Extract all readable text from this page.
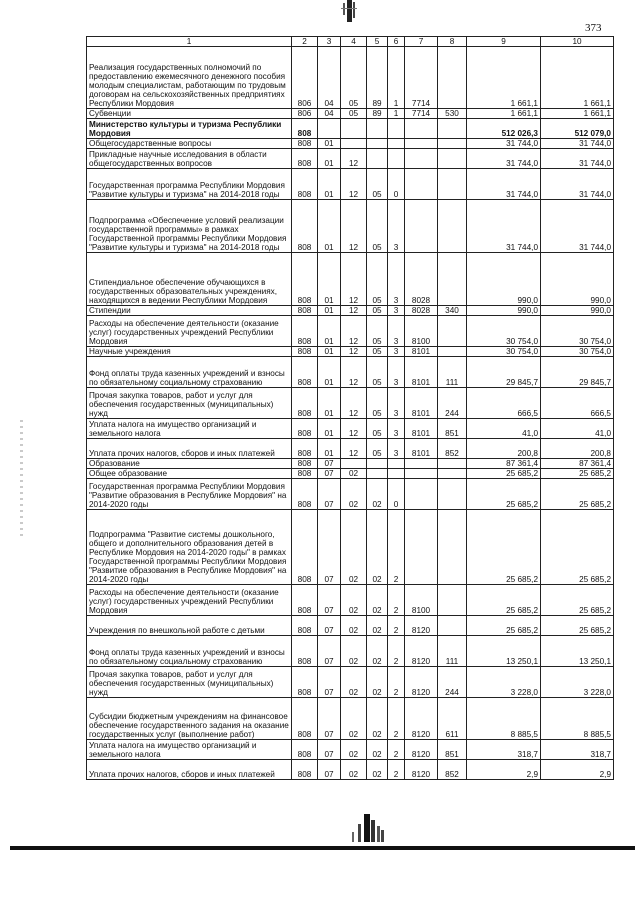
373
1	2	3	4	5	6	7	8	9	10
Реализация государственных полномочий по предоставлению ежемесячного денежного пособия молодым специалистам, работающим по трудовым договорам на сельскохозяйственных предприятиях Республики Мордовия	806	04	05	89	1	7714		1 661,1	1 661,1
Субвенции	806	04	05	89	1	7714	530	1 661,1	1 661,1
Министерство культуры и туризма Республики Мордовия	808							512 026,3	512 079,0
Общегосударственные вопросы	808	01						31 744,0	31 744,0
Прикладные научные исследования в области общегосударственных вопросов	808	01	12					31 744,0	31 744,0
Государственная программа Республики Мордовия "Развитие культуры и туризма" на 2014-2018 годы	808	01	12	05	0			31 744,0	31 744,0
Подпрограмма «Обеспечение условий реализации государственной программы» в рамках Государственной программы Республики Мордовия "Развитие культуры и туризма" на 2014-2018 годы	808	01	12	05	3			31 744,0	31 744,0
Стипендиальное обеспечение обучающихся в государственных образовательных учреждениях, находящихся в ведении Республики Мордовия	808	01	12	05	3	8028		990,0	990,0
Стипендии	808	01	12	05	3	8028	340	990,0	990,0
Расходы на обеспечение деятельности (оказание услуг) государственных учреждений Республики Мордовия	808	01	12	05	3	8100		30 754,0	30 754,0
Научные учреждения	808	01	12	05	3	8101		30 754,0	30 754,0
Фонд оплаты труда казенных учреждений и взносы по обязательному социальному страхованию	808	01	12	05	3	8101	111	29 845,7	29 845,7
Прочая закупка товаров, работ и услуг для обеспечения государственных (муниципальных) нужд	808	01	12	05	3	8101	244	666,5	666,5
Уплата налога на имущество организаций и земельного налога	808	01	12	05	3	8101	851	41,0	41,0
Уплата прочих налогов, сборов и иных платежей	808	01	12	05	3	8101	852	200,8	200,8
Образование	808	07						87 361,4	87 361,4
Общее образование	808	07	02					25 685,2	25 685,2
Государственная программа Республики Мордовия "Развитие образования в Республике Мордовия" на 2014-2020 годы	808	07	02	02	0			25 685,2	25 685,2
Подпрограмма "Развитие системы дошкольного, общего и дополнительного образования детей в Республике Мордовия на 2014-2020 годы" в рамках Государственной программы Республики Мордовия "Развитие образования в Республике Мордовия" на 2014-2020 годы	808	07	02	02	2			25 685,2	25 685,2
Расходы на обеспечение деятельности (оказание услуг) государственных учреждений Республики Мордовия	808	07	02	02	2	8100		25 685,2	25 685,2
Учреждения по внешкольной работе с детьми	808	07	02	02	2	8120		25 685,2	25 685,2
Фонд оплаты труда казенных учреждений и взносы по обязательному социальному страхованию	808	07	02	02	2	8120	111	13 250,1	13 250,1
Прочая закупка товаров, работ и услуг для обеспечения государственных (муниципальных) нужд	808	07	02	02	2	8120	244	3 228,0	3 228,0
Субсидии бюджетным учреждениям на финансовое обеспечение государственного задания на оказание государственных услуг (выполнение работ)	808	07	02	02	2	8120	611	8 885,5	8 885,5
Уплата налога на имущество организаций и земельного налога	808	07	02	02	2	8120	851	318,7	318,7
Уплата прочих налогов, сборов и иных платежей	808	07	02	02	2	8120	852	2,9	2,9
